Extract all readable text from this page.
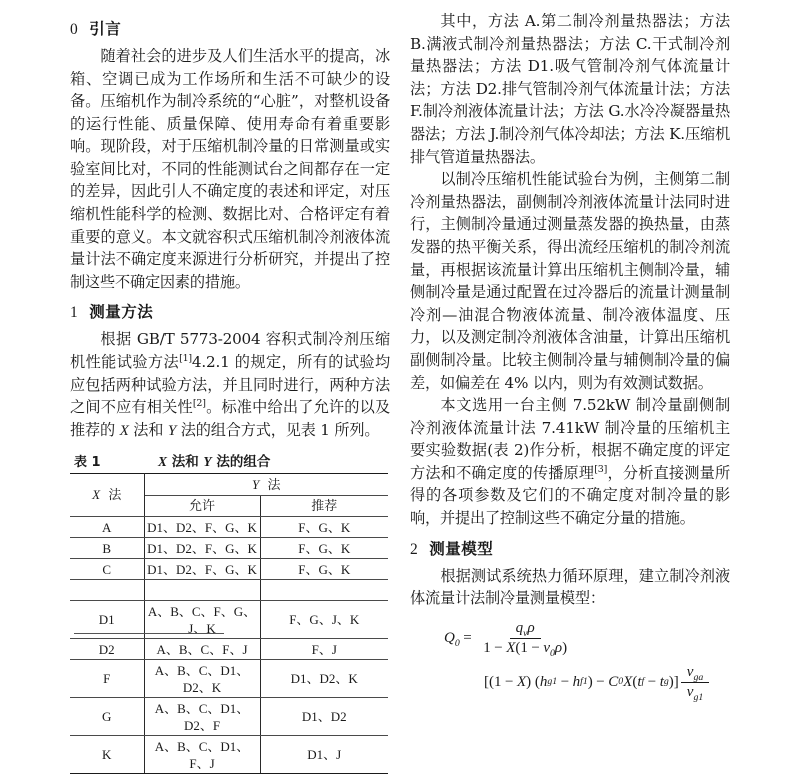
0 引言

随着社会的进步及人们生活水平的提高，冰箱、空调已成为工作场所和生活不可缺少的设备。压缩机作为制冷系统的“心脏”，对整机设备的运行性能、质量保障、使用寿命有着重要影响。现阶段，对于压缩机制冷量的日常测量或实验室间比对，不同的性能测试台之间都存在一定的差异，因此引人不确定度的表述和评定，对压缩机性能科学的检测、数据比对、合格评定有着重要的意义。本文就容积式压缩机制冷剂液体流量计法不确定度来源进行分析研究，并提出了控制这些不确定因素的措施。

1 测量方法

根据 GB/T 5773-2004 容积式制冷剂压缩机性能试验方法[1]4.2.1 的规定，所有的试验均应包括两种试验方法，并且同时进行，两种方法之间不应有相关性[2]。标准中给出了允许的以及推荐的 X 法和 Y 法的组合方式，见表 1 所列。

表 1	X 法和 Y 法的组合
X 法	Y 法	
	允许	推荐
A	D1、D2、F、G、K	F、G、K
B	D1、D2、F、G、K	F、G、K
C	D1、D2、F、G、K	F、G、K

D1	A、B、C、F、G、J、K	F、G、J、K
D2	A、B、C、F、J	F、J
F	A、B、C、D1、D2、K	D1、D2、K
G	A、B、C、D1、D2、F	D1、D2
K	A、B、C、D1、F、J	D1、J

其中，方法 A.第二制冷剂量热器法；方法 B.满液式制冷剂量热器法；方法 C.干式制冷剂量热器法；方法 D1.吸气管制冷剂气体流量计法；方法 D2.排气管制冷剂气体流量计法；方法 F.制冷剂液体流量计法；方法 G.水冷冷凝器量热器法；方法 J.制冷剂气体冷却法；方法 K.压缩机排气管道量热器法。

以制冷压缩机性能试验台为例，主侧第二制冷剂量热器法，副侧制冷剂液体流量计法同时进行，主侧制冷量通过测量蒸发器的换热量，由蒸发器的热平衡关系，得出流经压缩机的制冷剂流量，再根据该流量计算出压缩机主侧制冷量，辅侧制冷量是通过配置在过冷器后的流量计测量制冷剂—油混合物液体流量、制冷液体温度、压力，以及测定制冷剂液体含油量，计算出压缩机副侧制冷量。比较主侧制冷量与辅侧制冷量的偏差，如偏差在 4% 以内，则为有效测试数据。

本文选用一台主侧 7.52kW 制冷量副侧制冷剂液体流量计法 7.41kW 制冷量的压缩机主要实验数据(表 2)作分析，根据不确定度的评定方法和不确定度的传播原理[3]，分析直接测量所得的各项参数及它们的不确定度对制冷量的影响，并提出了控制这些不确定分量的措施。

2 测量模型

根据测试系统热力循环原理，建立制冷剂液体流量计法制冷量测量模型：

$Q_0 = \frac{q_v\rho}{1 - X(1 - v_0\rho)}$
[ ( 1 − X )
( h g1 − h f1 ) − C 0 X ( t f − t g ) ] $\frac{v_{ga}}{v_{g1}}$
